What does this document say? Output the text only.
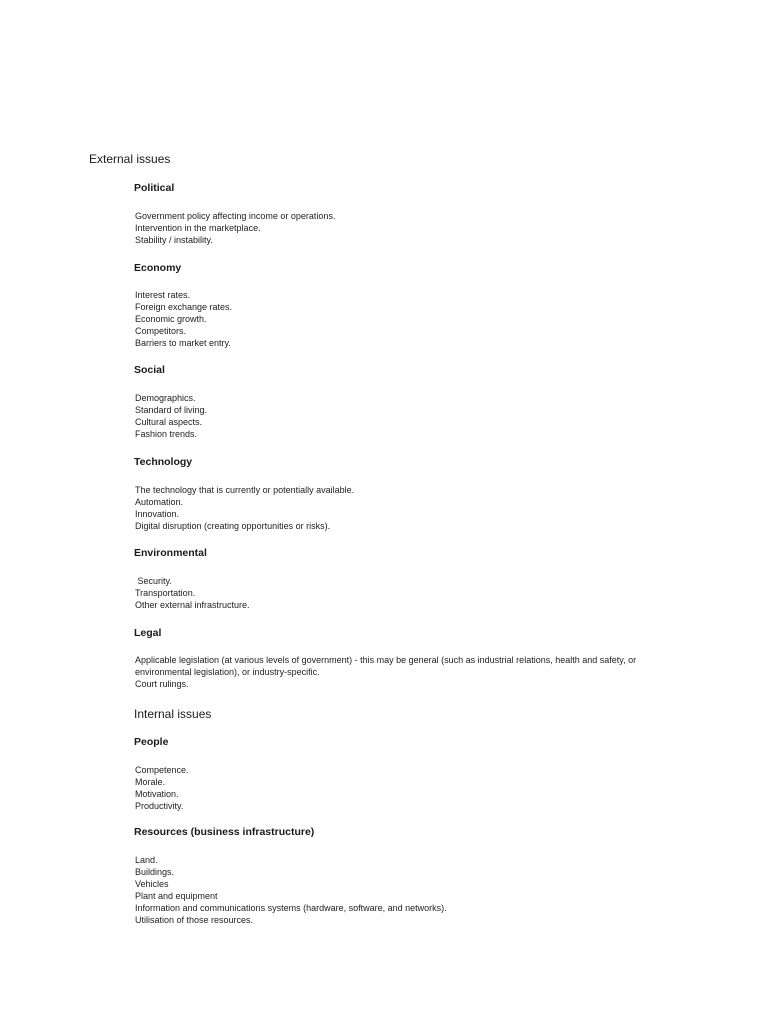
External issues
Political
Government policy affecting income or operations.
Intervention in the marketplace.
Stability / instability.
Economy
Interest rates.
Foreign exchange rates.
Economic growth.
Competitors.
Barriers to market entry.
Social
Demographics.
Standard of living.
Cultural aspects.
Fashion trends.
Technology
The technology that is currently or potentially available.
Automation.
Innovation.
Digital disruption (creating opportunities or risks).
Environmental
Security.
Transportation.
Other external infrastructure.
Legal
Applicable legislation (at various levels of government) - this may be general (such as industrial relations, health and safety, or environmental legislation), or industry-specific.
Court rulings.
Internal issues
People
Competence.
Morale.
Motivation.
Productivity.
Resources (business infrastructure)
Land.
Buildings.
Vehicles
Plant and equipment
Information and communications systems (hardware, software, and networks).
Utilisation of those resources.
